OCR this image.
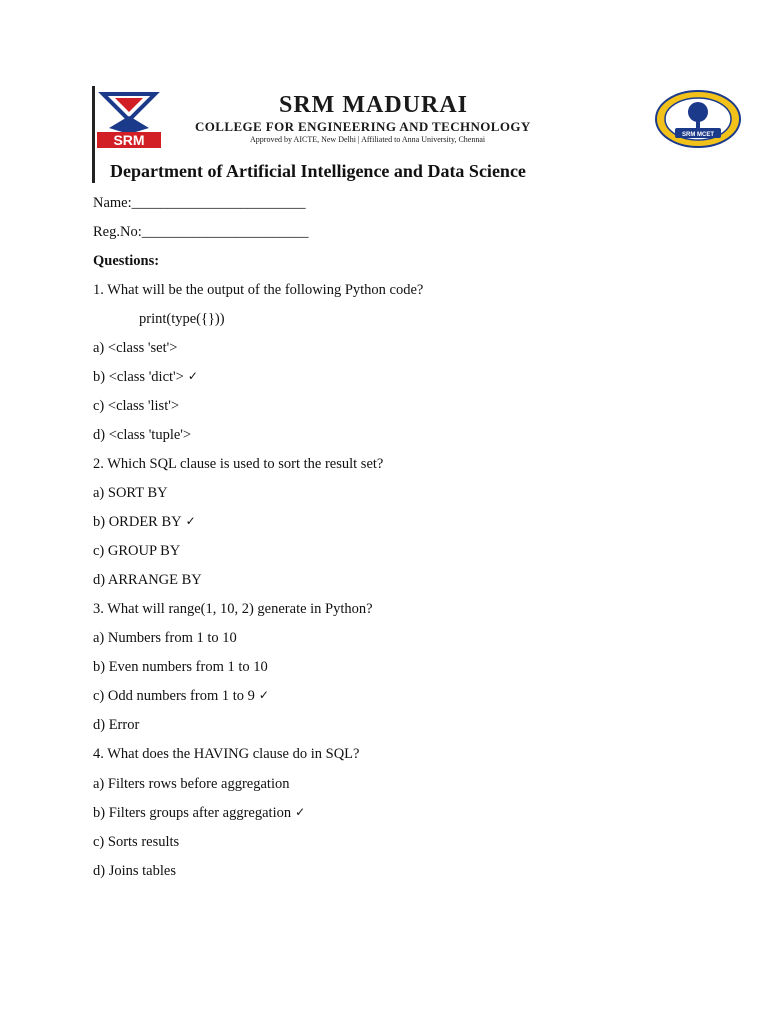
SRM
SRM MADURAI
COLLEGE FOR ENGINEERING AND TECHNOLOGY
Approved by AICTE, New Delhi | Affiliated to Anna University, Chennai	SRM MCET
Department of Artificial Intelligence and Data Science
Name:________________________
Reg.No:_______________________
Questions:
1. What will be the output of the following Python code?
print(type({}))
a) <class 'set'>
b) <class 'dict'> ✓
c) <class 'list'>
d) <class 'tuple'>
2. Which SQL clause is used to sort the result set?
a) SORT BY
b) ORDER BY ✓
c) GROUP BY
d) ARRANGE BY
3. What will range(1, 10, 2) generate in Python?
a) Numbers from 1 to 10
b) Even numbers from 1 to 10
c) Odd numbers from 1 to 9 ✓
d) Error
4. What does the HAVING clause do in SQL?
a) Filters rows before aggregation
b) Filters groups after aggregation ✓
c) Sorts results
d) Joins tables
